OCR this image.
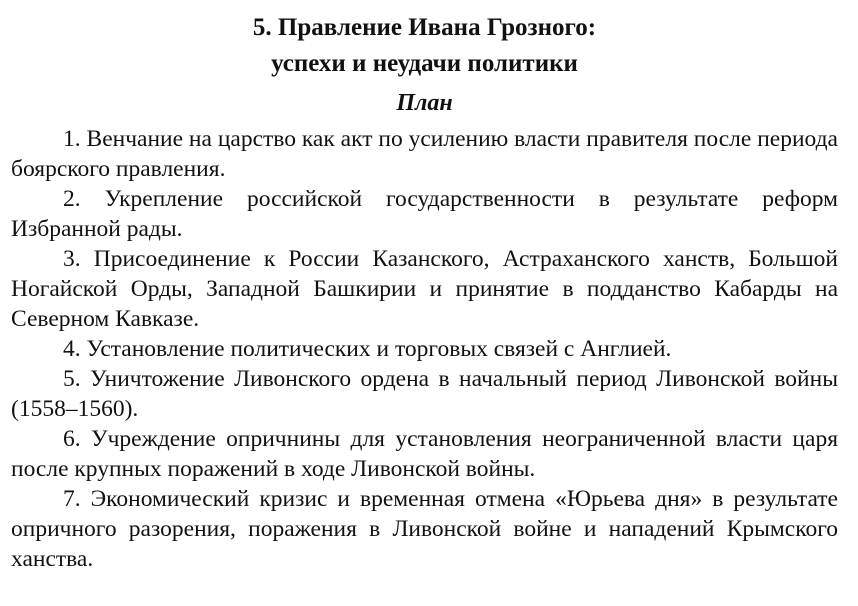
5. Правление Ивана Грозного:
успехи и неудачи политики
План
1. Венчание на царство как акт по усилению власти правителя после периода боярского правления.
2. Укрепление российской государственности в результате реформ Избранной рады.
3. Присоединение к России Казанского, Астраханского ханств, Большой Ногайской Орды, Западной Башкирии и принятие в подданство Кабарды на Северном Кавказе.
4. Установление политических и торговых связей с Англией.
5. Уничтожение Ливонского ордена в начальный период Ливонской войны (1558–1560).
6. Учреждение опричнины для установления неограниченной власти царя после крупных поражений в ходе Ливонской войны.
7. Экономический кризис и временная отмена «Юрьева дня» в результате опричного разорения, поражения в Ливонской войне и нападений Крымского ханства.
